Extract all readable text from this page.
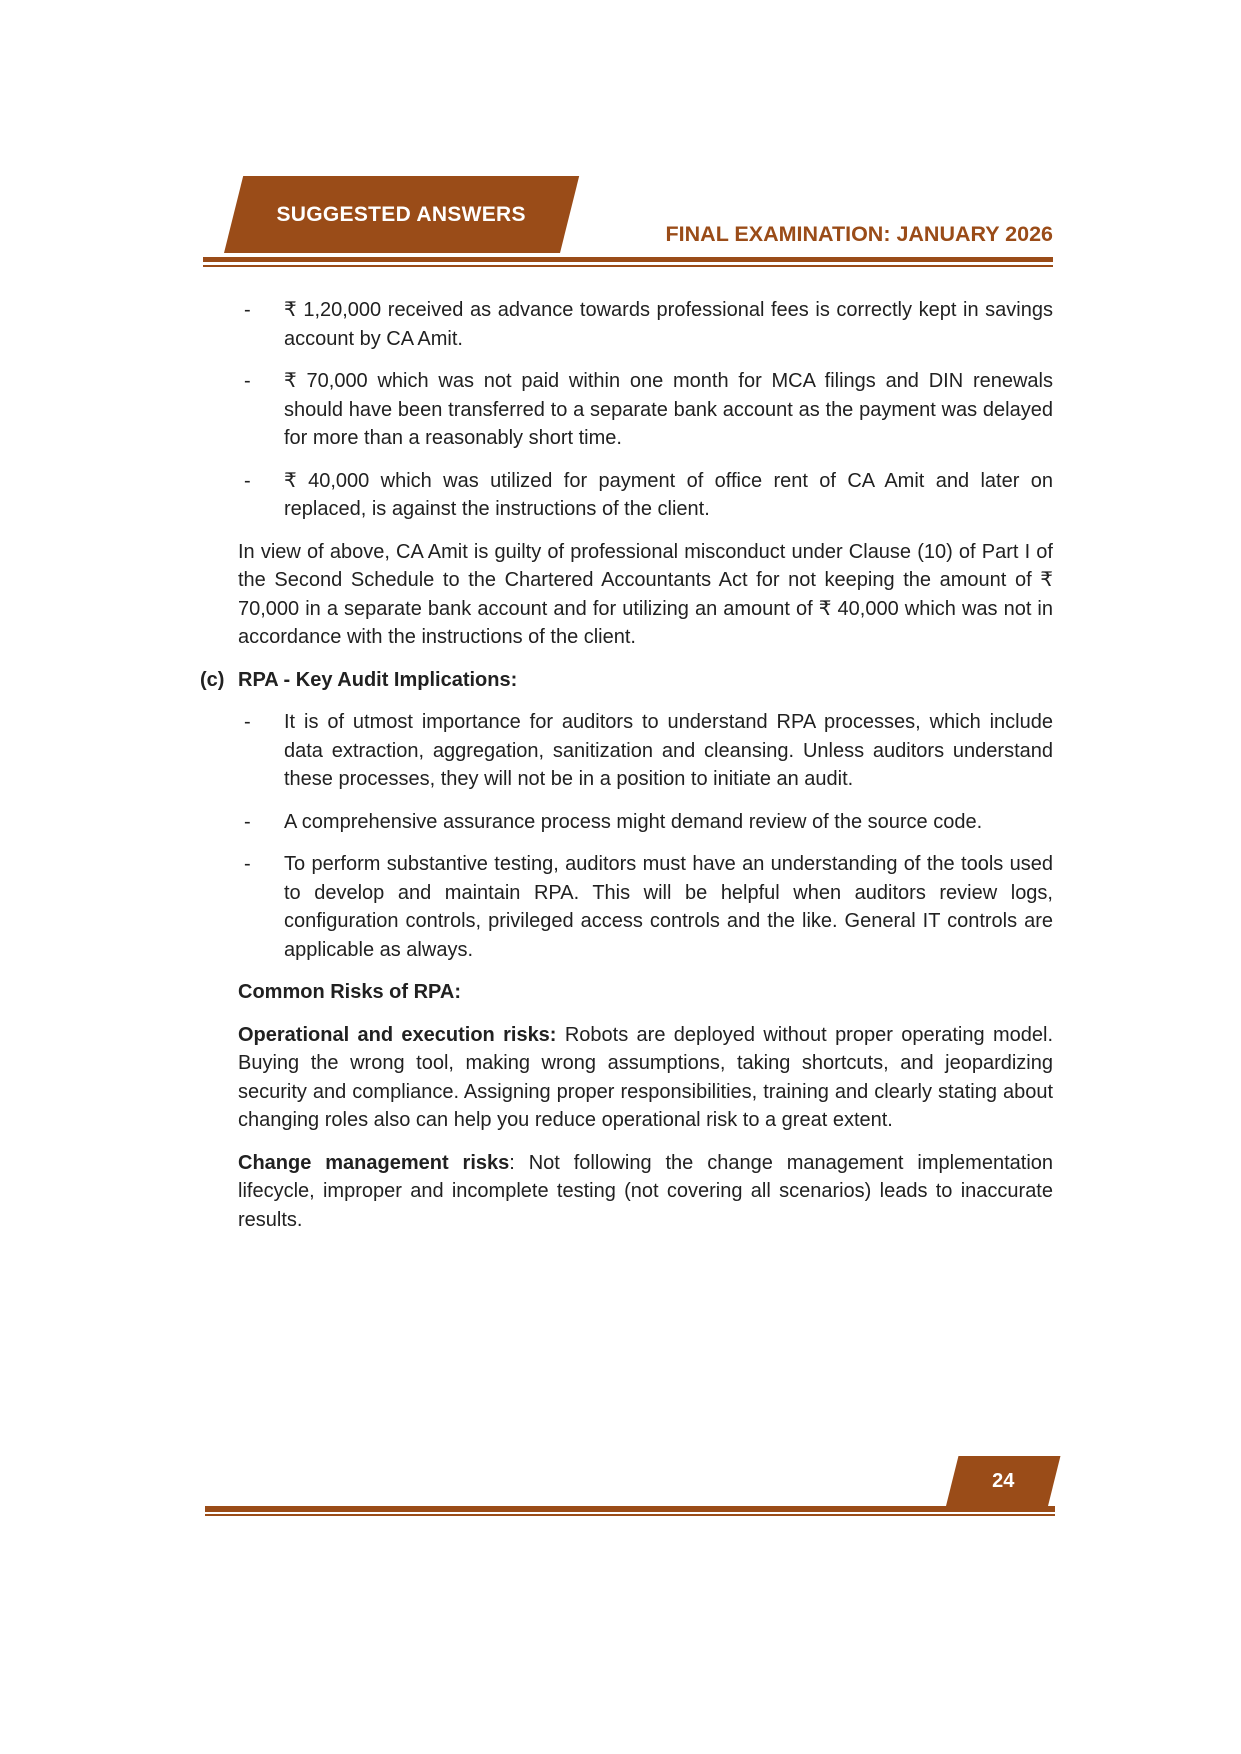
SUGGESTED ANSWERS
FINAL EXAMINATION: JANUARY 2026
- ₹ 1,20,000 received as advance towards professional fees is correctly kept in savings account by CA Amit.
- ₹ 70,000 which was not paid within one month for MCA filings and DIN renewals should have been transferred to a separate bank account as the payment was delayed for more than a reasonably short time.
- ₹ 40,000 which was utilized for payment of office rent of CA Amit and later on replaced, is against the instructions of the client.

In view of above, CA Amit is guilty of professional misconduct under Clause (10) of Part I of the Second Schedule to the Chartered Accountants Act for not keeping the amount of ₹ 70,000 in a separate bank account and for utilizing an amount of ₹ 40,000 which was not in accordance with the instructions of the client.

(c) RPA - Key Audit Implications:
- It is of utmost importance for auditors to understand RPA processes, which include data extraction, aggregation, sanitization and cleansing. Unless auditors understand these processes, they will not be in a position to initiate an audit.
- A comprehensive assurance process might demand review of the source code.
- To perform substantive testing, auditors must have an understanding of the tools used to develop and maintain RPA. This will be helpful when auditors review logs, configuration controls, privileged access controls and the like. General IT controls are applicable as always.

Common Risks of RPA:

Operational and execution risks: Robots are deployed without proper operating model. Buying the wrong tool, making wrong assumptions, taking shortcuts, and jeopardizing security and compliance. Assigning proper responsibilities, training and clearly stating about changing roles also can help you reduce operational risk to a great extent.

Change management risks: Not following the change management implementation lifecycle, improper and incomplete testing (not covering all scenarios) leads to inaccurate results.

24
